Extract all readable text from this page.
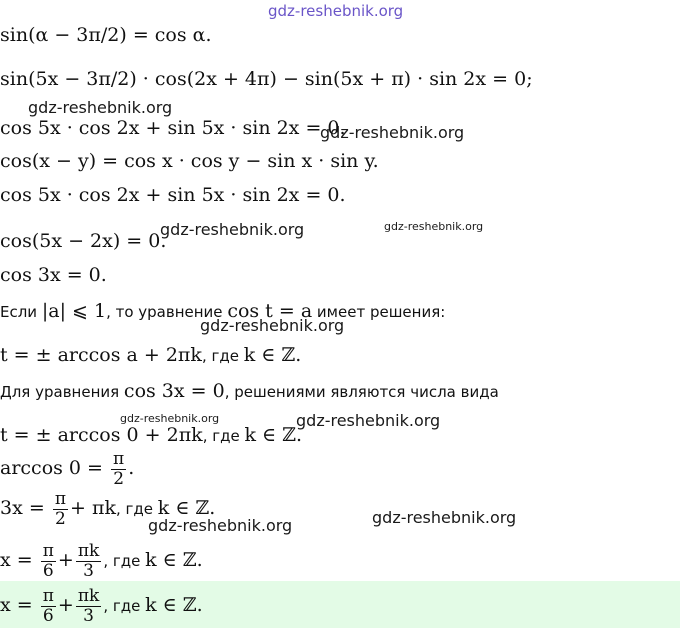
gdz-reshebnik.org
gdz-reshebnik.org
gdz-reshebnik.org
gdz-reshebnik.org	gdz-reshebnik.org
gdz-reshebnik.org
gdz-reshebnik.org	gdz-reshebnik.org
gdz-reshebnik.org	gdz-reshebnik.org
sin(α − 3π/2) = cos α.
sin(5x − 3π/2) · cos(2x + 4π) − sin(5x + π) · sin 2x = 0;
cos 5x · cos 2x + sin 5x · sin 2x = 0.
cos(x − y) = cos x · cos y − sin x · sin y.
cos 5x · cos 2x + sin 5x · sin 2x = 0.
cos(5x − 2x) = 0.
cos 3x = 0.
Если |a| ⩽ 1, то уравнение cos t = a имеет решения:
t = ± arccos a + 2πk, где k ∈ ℤ.
Для уравнения cos 3x = 0, решениями являются числа вида
t = ± arccos 0 + 2πk, где k ∈ ℤ.
$\arccos 0 = \frac{\pi}{2}$ .
$3x = \frac{\pi}{2} + \pi k$, где k ∈ ℤ.
$x = \frac{\pi}{6} + \frac{\pi k}{3}$ , где k ∈ ℤ.
$x = \frac{\pi}{6} + \frac{\pi k}{3}$ , где k ∈ ℤ.
